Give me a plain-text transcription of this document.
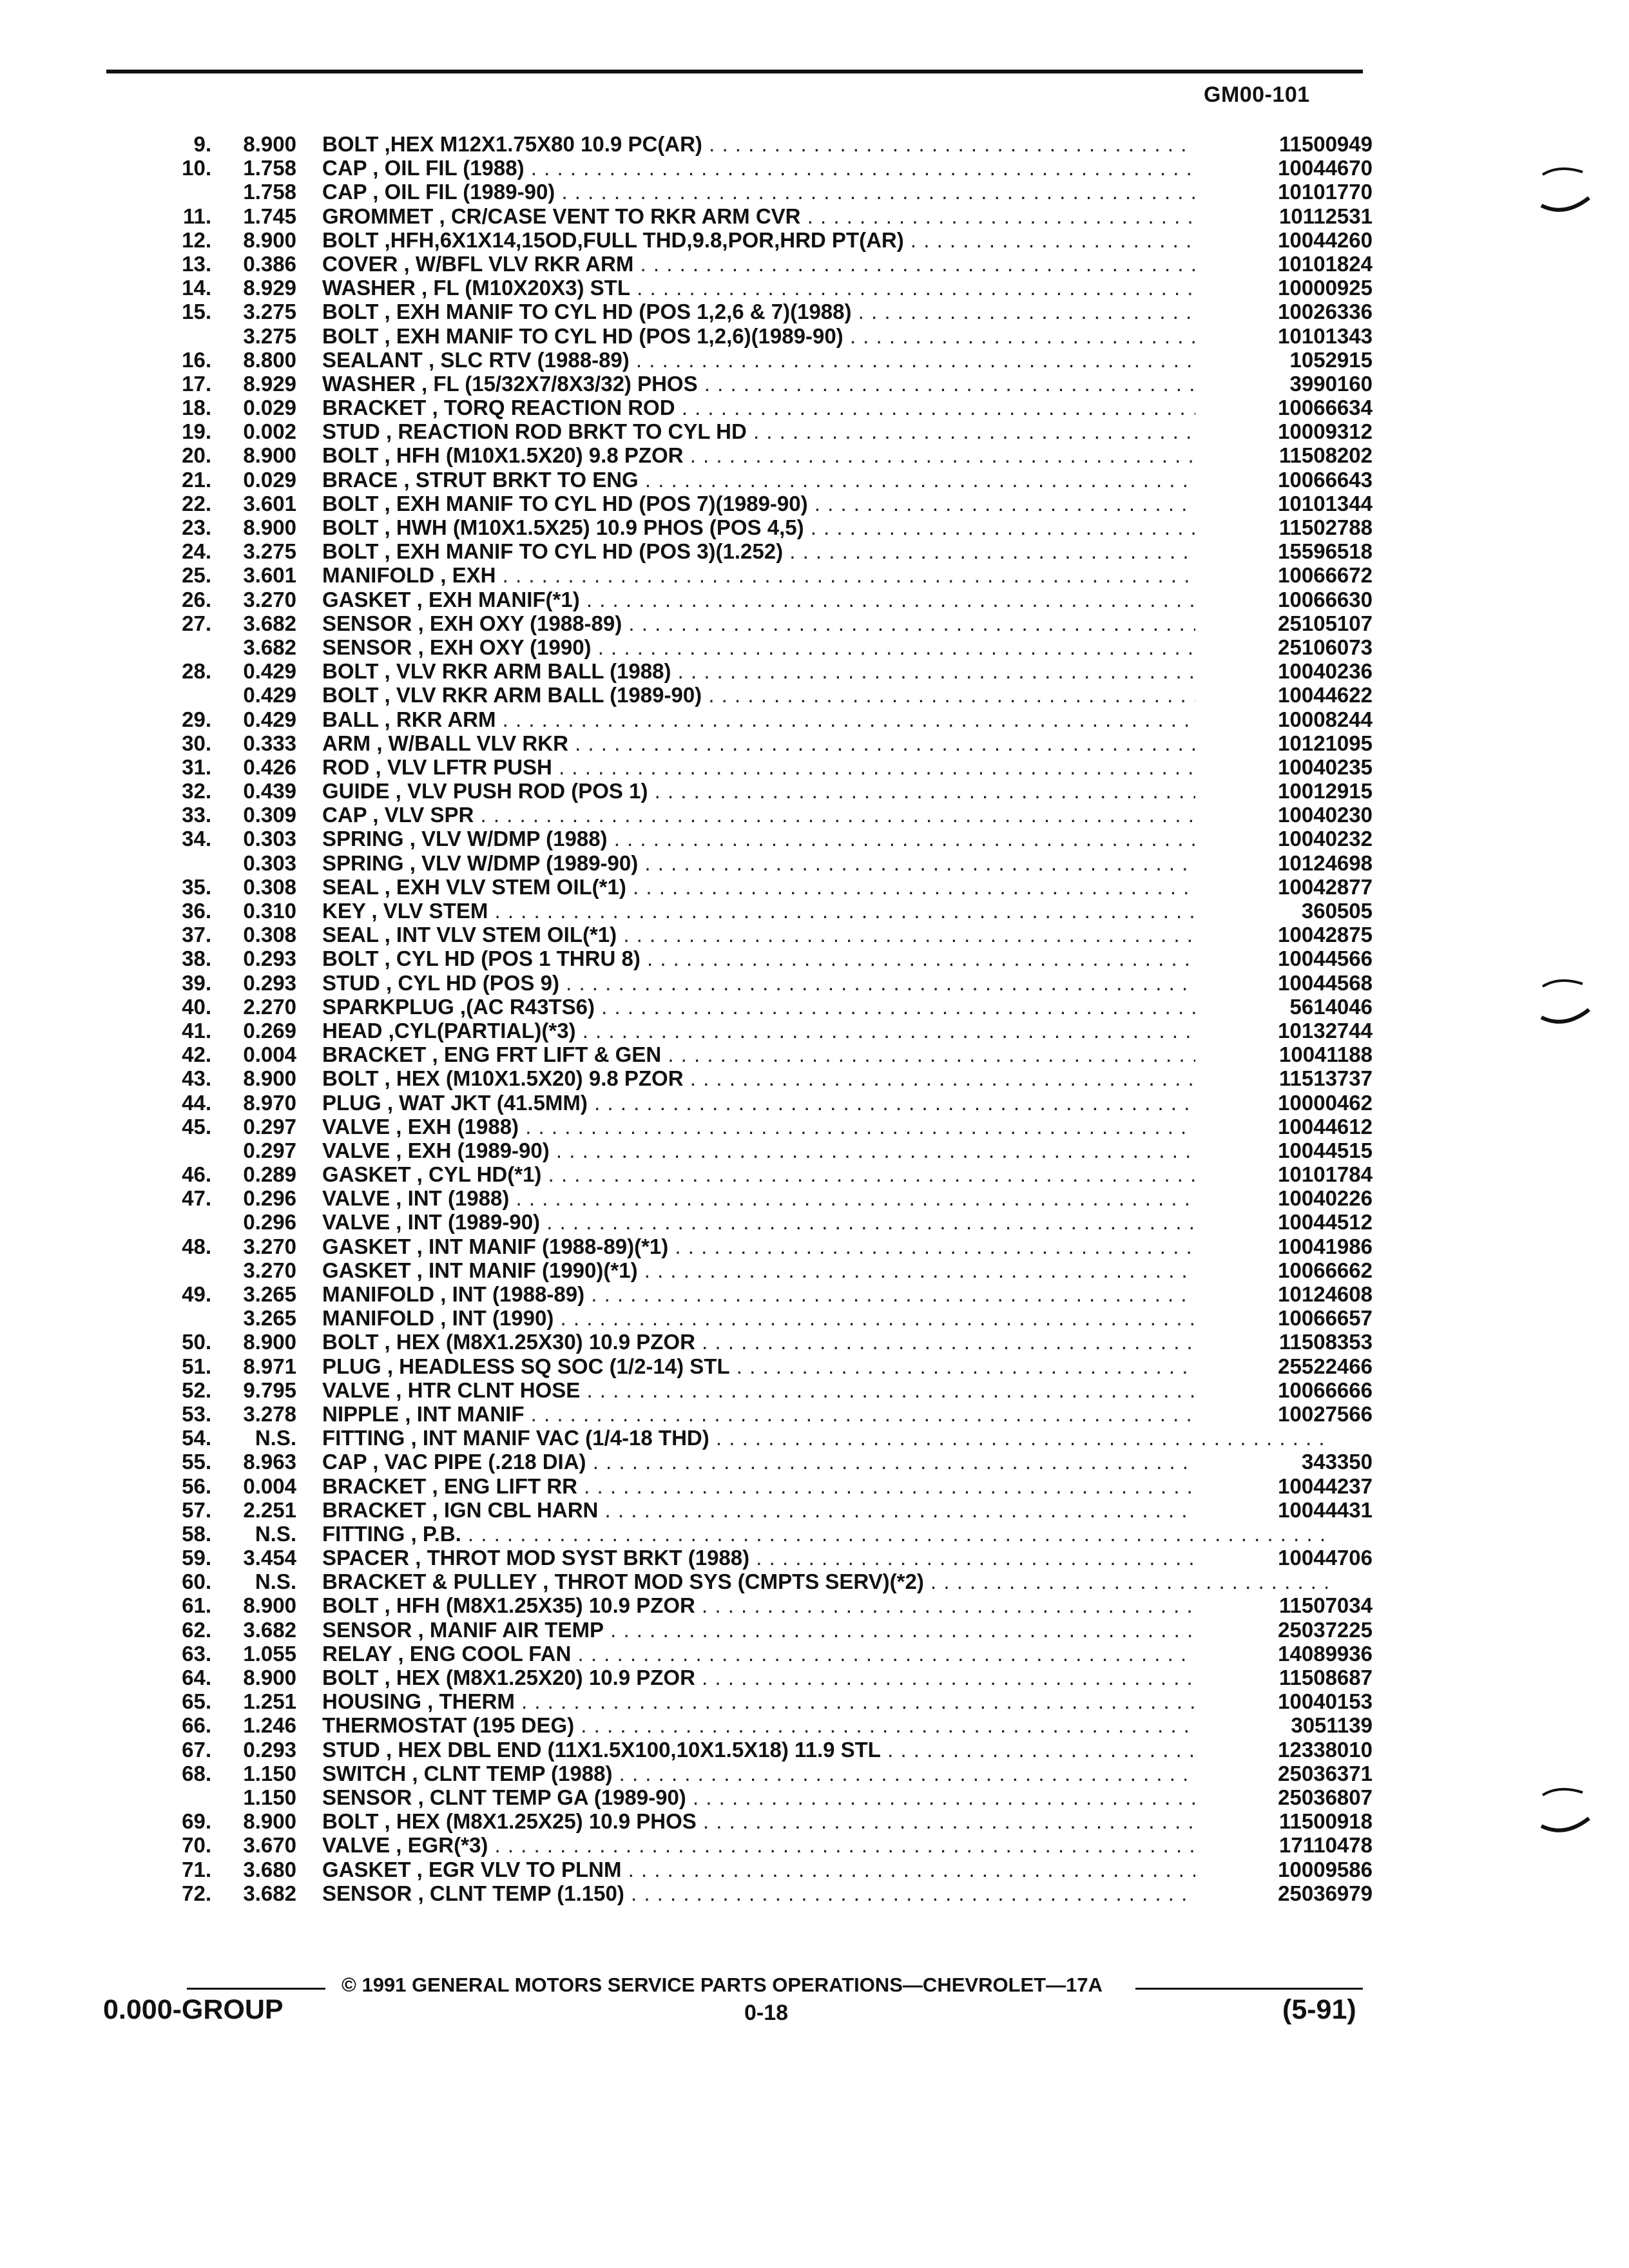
GM00-101
9.	8.900 BOLT ,HEX M12X1.75X80 10.9 PC(AR) . . .	11500949
10.	1.758 CAP , OIL FIL (1988) . . .	10044670
1.758 CAP , OIL FIL (1989-90) . . .	10101770
11.	1.745 GROMMET , CR/CASE VENT TO RKR ARM CVR . . .	10112531
12.	8.900 BOLT ,HFH,6X1X14,15OD,FULL THD,9.8,POR,HRD PT(AR) . . .	10044260
13.	0.386 COVER , W/BFL VLV RKR ARM . . .	10101824
14.	8.929 WASHER , FL (M10X20X3) STL . . .	10000925
15.	3.275 BOLT , EXH MANIF TO CYL HD (POS 1,2,6 & 7)(1988) . . .	10026336
3.275 BOLT , EXH MANIF TO CYL HD (POS 1,2,6)(1989-90) . . .	10101343
16.	8.800 SEALANT , SLC RTV (1988-89) . . .	1052915
17.	8.929 WASHER , FL (15/32X7/8X3/32) PHOS . . .	3990160
18.	0.029 BRACKET , TORQ REACTION ROD . . .	10066634
19.	0.002 STUD , REACTION ROD BRKT TO CYL HD . . .	10009312
20.	8.900 BOLT , HFH (M10X1.5X20) 9.8 PZOR . . .	11508202
21.	0.029 BRACE , STRUT BRKT TO ENG . . .	10066643
22.	3.601 BOLT , EXH MANIF TO CYL HD (POS 7)(1989-90) . . .	10101344
23.	8.900 BOLT , HWH (M10X1.5X25) 10.9 PHOS (POS 4,5) . . .	11502788
24.	3.275 BOLT , EXH MANIF TO CYL HD (POS 3)(1.252) . . .	15596518
25.	3.601 MANIFOLD , EXH . . .	10066672
26.	3.270 GASKET , EXH MANIF(*1) . . .	10066630
27.	3.682 SENSOR , EXH OXY (1988-89) . . .	25105107
3.682 SENSOR , EXH OXY (1990) . . .	25106073
28.	0.429 BOLT , VLV RKR ARM BALL (1988) . . .	10040236
0.429 BOLT , VLV RKR ARM BALL (1989-90) . . .	10044622
29.	0.429 BALL , RKR ARM . . .	10008244
30.	0.333 ARM , W/BALL VLV RKR . . .	10121095
31.	0.426 ROD , VLV LFTR PUSH . . .	10040235
32.	0.439 GUIDE , VLV PUSH ROD (POS 1) . . .	10012915
33.	0.309 CAP , VLV SPR . . .	10040230
34.	0.303 SPRING , VLV W/DMP (1988) . . .	10040232
0.303 SPRING , VLV W/DMP (1989-90) . . .	10124698
35.	0.308 SEAL , EXH VLV STEM OIL(*1) . . .	10042877
36.	0.310 KEY , VLV STEM . . .	360505
37.	0.308 SEAL , INT VLV STEM OIL(*1) . . .	10042875
38.	0.293 BOLT , CYL HD (POS 1 THRU 8) . . .	10044566
39.	0.293 STUD , CYL HD (POS 9) . . .	10044568
40.	2.270 SPARKPLUG ,(AC R43TS6) . . .	5614046
41.	0.269 HEAD ,CYL(PARTIAL)(*3) . . .	10132744
42.	0.004 BRACKET , ENG FRT LIFT & GEN . . .	10041188
43.	8.900 BOLT , HEX (M10X1.5X20) 9.8 PZOR . . .	11513737
44.	8.970 PLUG , WAT JKT (41.5MM) . . .	10000462
45.	0.297 VALVE , EXH (1988) . . .	10044612
0.297 VALVE , EXH (1989-90) . . .	10044515
46.	0.289 GASKET , CYL HD(*1) . . .	10101784
47.	0.296 VALVE , INT (1988) . . .	10040226
0.296 VALVE , INT (1989-90) . . .	10044512
48.	3.270 GASKET , INT MANIF (1988-89)(*1) . . .	10041986
3.270 GASKET , INT MANIF (1990)(*1) . . .	10066662
49.	3.265 MANIFOLD , INT (1988-89) . . .	10124608
3.265 MANIFOLD , INT (1990) . . .	10066657
50.	8.900 BOLT , HEX (M8X1.25X30) 10.9 PZOR . . .	11508353
51.	8.971 PLUG , HEADLESS SQ SOC (1/2-14) STL . . .	25522466
52.	9.795 VALVE , HTR CLNT HOSE . . .	10066666
53.	3.278 NIPPLE , INT MANIF . . .	10027566
54.	N.S. FITTING , INT MANIF VAC (1/4-18 THD) . . .
55.	8.963 CAP , VAC PIPE (.218 DIA) . . .	343350
56.	0.004 BRACKET , ENG LIFT RR . . .	10044237
57.	2.251 BRACKET , IGN CBL HARN . . .	10044431
58.	N.S. FITTING , P.B. . . .
59.	3.454 SPACER , THROT MOD SYST BRKT (1988) . . .	10044706
60.	N.S. BRACKET & PULLEY , THROT MOD SYS (CMPTS SERV)(*2) . . .
61.	8.900 BOLT , HFH (M8X1.25X35) 10.9 PZOR . . .	11507034
62.	3.682 SENSOR , MANIF AIR TEMP . . .	25037225
63.	1.055 RELAY , ENG COOL FAN . . .	14089936
64.	8.900 BOLT , HEX (M8X1.25X20) 10.9 PZOR . . .	11508687
65.	1.251 HOUSING , THERM . . .	10040153
66.	1.246 THERMOSTAT (195 DEG) . . .	3051139
67.	0.293 STUD , HEX DBL END (11X1.5X100,10X1.5X18) 11.9 STL . . .	12338010
68.	1.150 SWITCH , CLNT TEMP (1988) . . .	25036371
1.150 SENSOR , CLNT TEMP GA (1989-90) . . .	25036807
69.	8.900 BOLT , HEX (M8X1.25X25) 10.9 PHOS . . .	11500918
70.	3.670 VALVE , EGR(*3) . . .	17110478
71.	3.680 GASKET , EGR VLV TO PLNM . . .	10009586
72.	3.682 SENSOR , CLNT TEMP (1.150) . . .	25036979
© 1991 GENERAL MOTORS SERVICE PARTS OPERATIONS—CHEVROLET—17A
0.000-GROUP	0-18	(5-91)
